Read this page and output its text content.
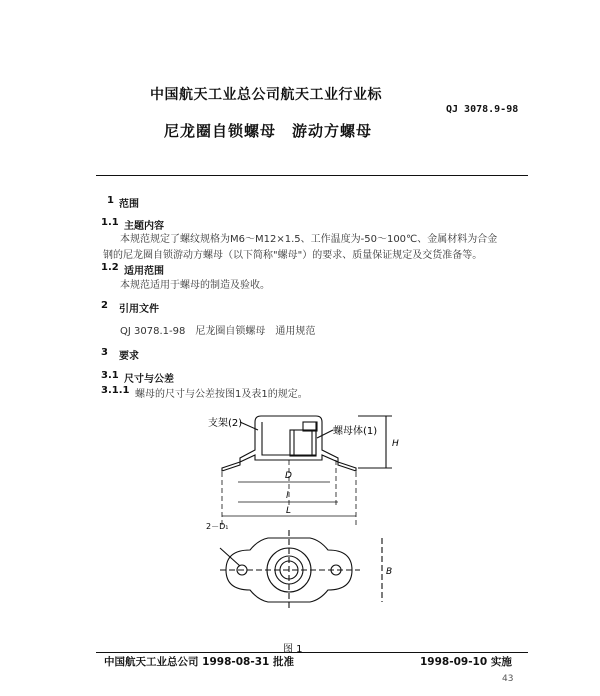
中国航天工业总公司航天工业行业标
QJ 3078.9-98
尼龙圈自锁螺母　游动方螺母
1 范围
1.1 主题内容
本规范规定了螺纹规格为M6～M12×1.5、工作温度为-50～100℃、金属材料为合金
钢的尼龙圈自锁游动方螺母（以下简称"螺母"）的要求、质量保证规定及交货准备等。
1.2 适用范围
本规范适用于螺母的制造及验收。
2 引用文件
QJ 3078.1-98　尼龙圈自锁螺母　通用规范
3 要求
3.1 尺寸与公差
3.1.1 螺母的尺寸与公差按图1及表1的规定。
支架(2)
螺母体(1)
H
D
l
L
2－D₁
B
图 1
中国航天工业总公司 1998-08-31 批准	1998-09-10 实施
43
